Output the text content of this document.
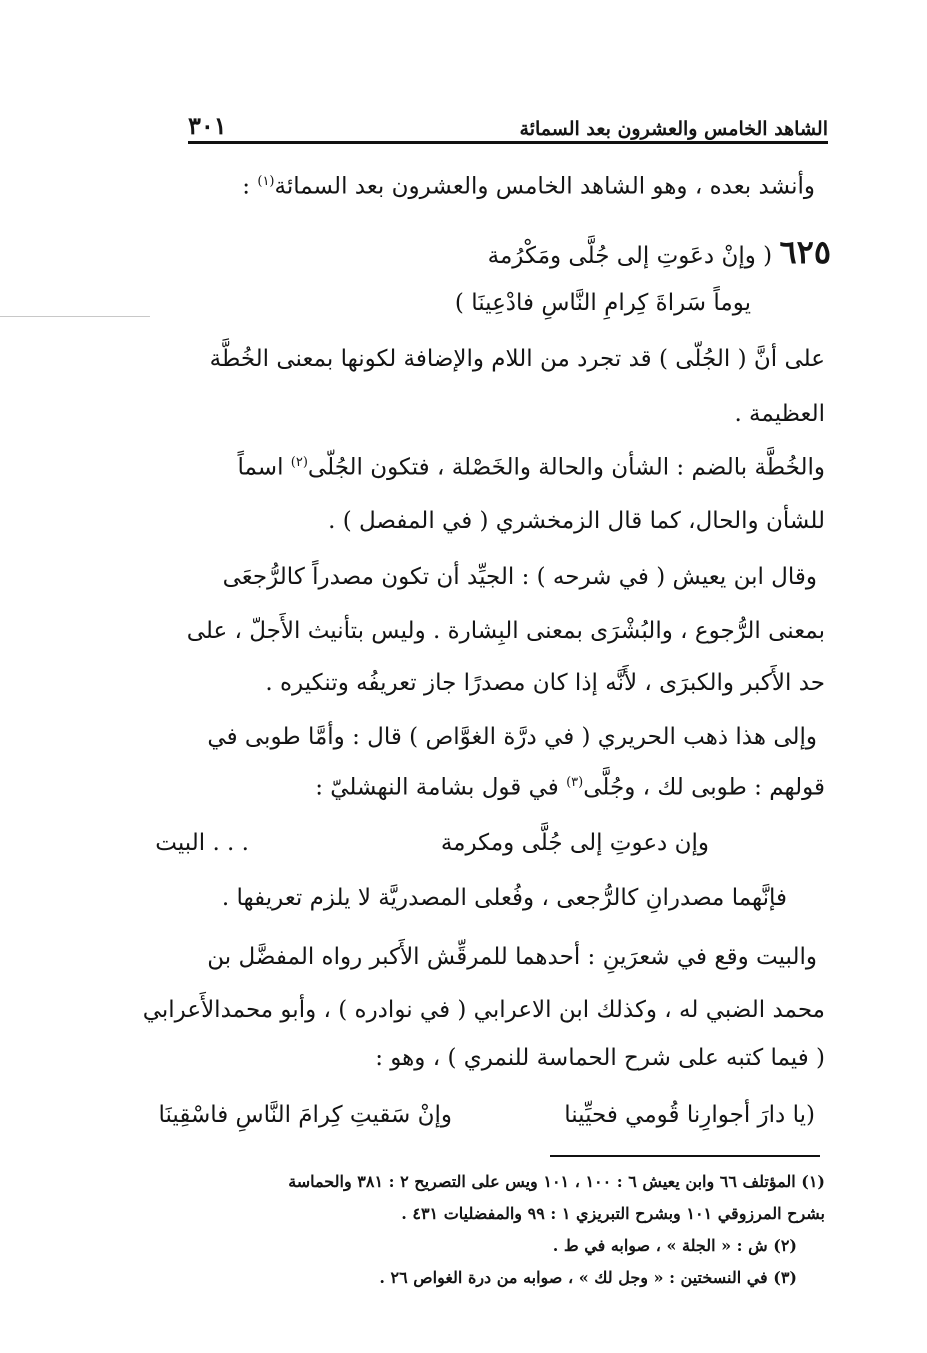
٣٠١	الشاهد الخامس والعشرون بعد السمائة
وأنشد بعده ، وهو الشاهد الخامس والعشرون بعد السمائة$^{(١)}$ :
٦٢٥ ( وإنْ دعَوتِ إلى جُلَّى ومَكْرُمة
يوماً سَراةَ كِرامِ النَّاسِ فادْعِينَا )
على أنَّ ( الجُلّى ) قد تجرد من اللام والإضافة لكونها بمعنى الخُطَّة
العظيمة .
والخُطَّة بالضم : الشأن والحالة والخَصْلة ، فتكون الجُلّى$^{(٢)}$ اسماً
للشأن والحال، كما قال الزمخشري ( في المفصل ) .
وقال ابن يعيش ( في شرحه ) : الجيِّد أن تكون مصدراً كالرُّجعَى
بمعنى الرُّجوع ، والبُشْرَى بمعنى البِشارة . وليس بتأنيث الأَجلّ ، على
حد الأَكبر والكبرَى ، لأَنَّه إذا كان مصدرًا جاز تعريفُه وتنكيره .
وإلى هذا ذهب الحريري ( في درَّة الغوَّاص ) قال : وأمَّا طوبى في
قولهم : طوبى لك ، وجُلَّى$^{(٣)}$ في قول بشامة النهشليّ :
وإن دعوتِ إلى جُلَّى ومكرمة
. . . البيت
فإنَّهما مصدرانِ كالرُّجعى ، وفُعلى المصدريَّة لا يلزم تعريفها .
والبيت وقع في شعرَينِ : أحدهما للمرقِّش الأَكبر رواه المفضَّل بن
محمد الضبي له ، وكذلك ابن الاعرابي ( في نوادره ) ، وأبو محمدالأَعرابي
( فيما كتبه على شرح الحماسة للنمري ) ، وهو :
(يا دارَ أجوارِنا قُومي فحيِّينا
وإنْ سَقيتِ كِرامَ النَّاسِ فاسْقِينَا
(١) المؤتلف ٦٦ وابن يعيش ٦ : ١٠٠ ، ١٠١ ويس على التصريح ٢ : ٣٨١ والحماسة
بشرح المرزوقي ١٠١ وبشرح التبريزي ١ : ٩٩ والمفضليات ٤٣١ .
(٢) ش : « الجلة » ، صوابه في ط .
(٣) في النسختين : « وجل لك » ، صوابه من درة الغواص ٢٦ .
